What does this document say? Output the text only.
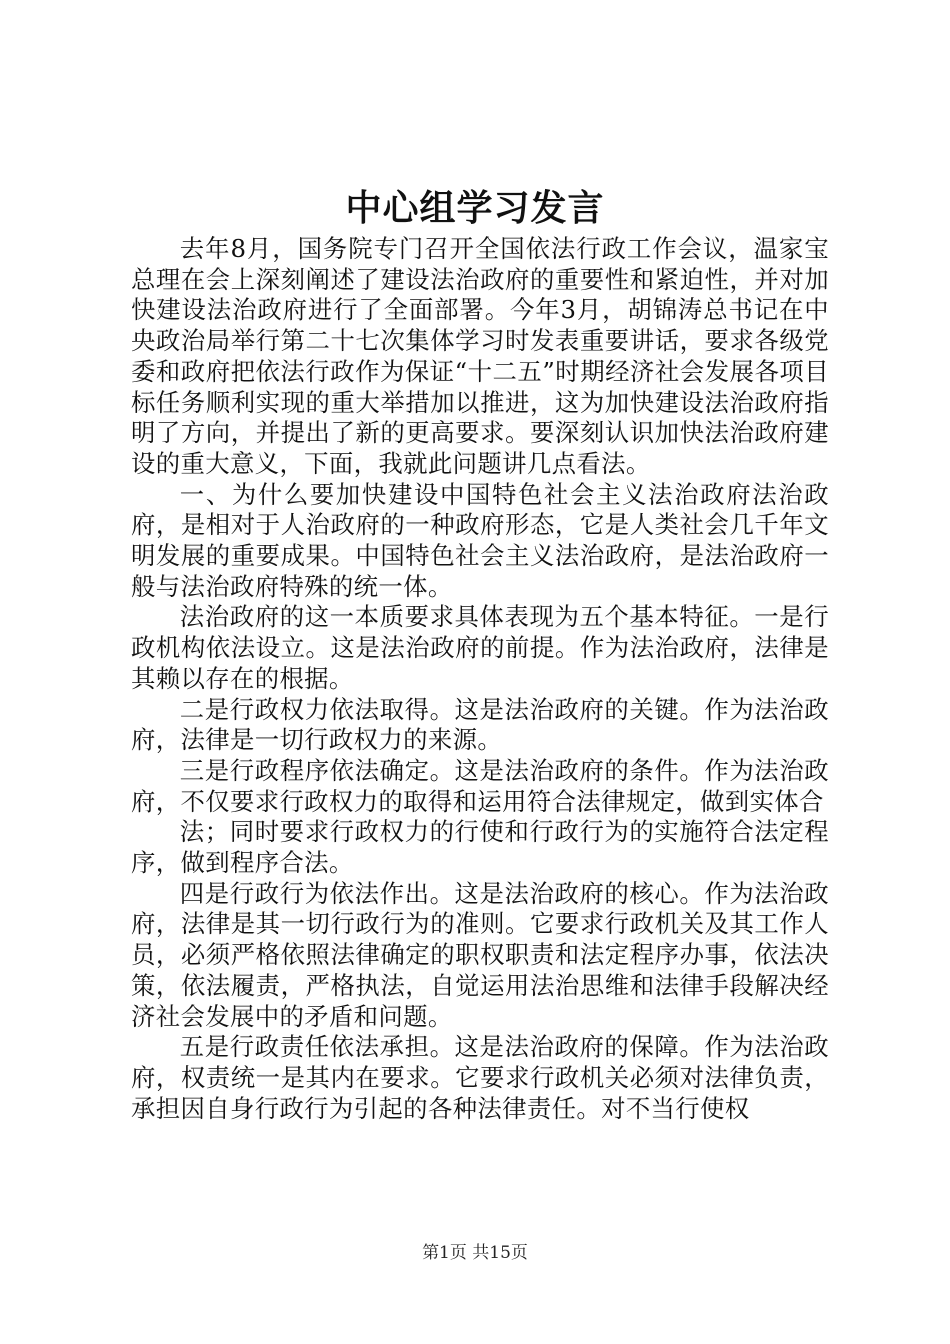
中心组学习发言

去年8月，国务院专门召开全国依法行政工作会议，温家宝总理在会上深刻阐述了建设法治政府的重要性和紧迫性，并对加快建设法治政府进行了全面部署。今年3月，胡锦涛总书记在中央政治局举行第二十七次集体学习时发表重要讲话，要求各级党委和政府把依法行政作为保证“十二五”时期经济社会发展各项目标任务顺利实现的重大举措加以推进，这为加快建设法治政府指明了方向，并提出了新的更高要求。要深刻认识加快法治政府建设的重大意义，下面，我就此问题讲几点看法。

一、为什么要加快建设中国特色社会主义法治政府法治政府，是相对于人治政府的一种政府形态，它是人类社会几千年文明发展的重要成果。中国特色社会主义法治政府，是法治政府一般与法治政府特殊的统一体。

法治政府的这一本质要求具体表现为五个基本特征。一是行政机构依法设立。这是法治政府的前提。作为法治政府，法律是其赖以存在的根据。

二是行政权力依法取得。这是法治政府的关键。作为法治政府，法律是一切行政权力的来源。

三是行政程序依法确定。这是法治政府的条件。作为法治政府，不仅要求行政权力的取得和运用符合法律规定，做到实体合

法；同时要求行政权力的行使和行政行为的实施符合法定程序，做到程序合法。

四是行政行为依法作出。这是法治政府的核心。作为法治政府，法律是其一切行政行为的准则。它要求行政机关及其工作人员，必须严格依照法律确定的职权职责和法定程序办事，依法决策，依法履责，严格执法，自觉运用法治思维和法律手段解决经济社会发展中的矛盾和问题。

五是行政责任依法承担。这是法治政府的保障。作为法治政府，权责统一是其内在要求。它要求行政机关必须对法律负责，承担因自身行政行为引起的各种法律责任。对不当行使权

第1页 共15页
